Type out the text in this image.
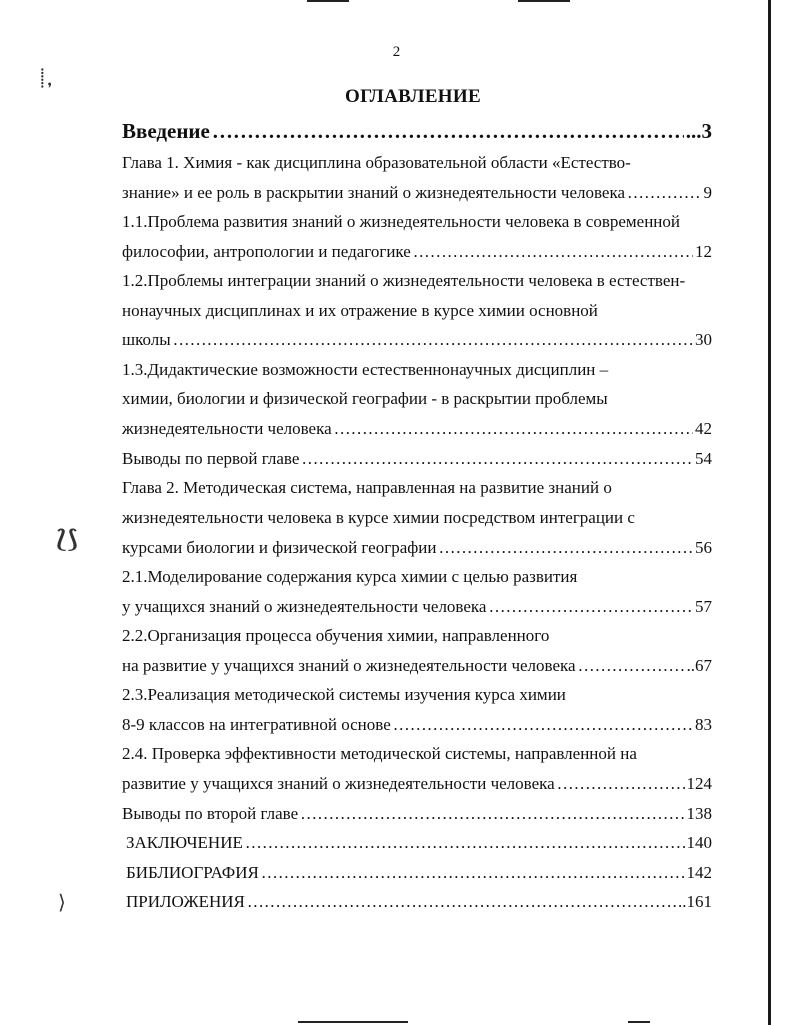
⸽
᾿
⟅⟆
⟩
2
ОГЛАВЛЕНИЕ
Введение ……………………………………………………………………………………………………………………………………………………………………	...3
Глава 1. Химия - как дисциплина образовательной области «Естество-
знание» и ее роль в раскрытии знаний о жизнедеятельности человека ……………………………………………………………………………………………………………………………………………………………………	9
1.1.Проблема развития знаний о жизнедеятельности человека в современной
философии, антропологии и педагогике ……………………………………………………………………………………………………………………………………………………………………	12
1.2.Проблемы интеграции знаний о жизнедеятельности человека в естествен-
нонаучных дисциплинах и их отражение в курсе химии основной
школы ……………………………………………………………………………………………………………………………………………………………………	30
1.3.Дидактические возможности естественнонаучных дисциплин –
химии, биологии и физической географии - в раскрытии проблемы
жизнедеятельности человека ……………………………………………………………………………………………………………………………………………………………………	42
Выводы по первой главе ……………………………………………………………………………………………………………………………………………………………………	54
Глава 2. Методическая система, направленная на развитие знаний о
жизнедеятельности человека в курсе химии посредством интеграции с
курсами биологии и физической географии ……………………………………………………………………………………………………………………………………………………………………	56
2.1.Моделирование содержания курса химии с целью развития
у учащихся знаний о жизнедеятельности человека ……………………………………………………………………………………………………………………………………………………………………	57
2.2.Организация процесса обучения химии, направленного
на развитие у учащихся знаний о жизнедеятельности человека ……………………………………………………………………………………………………………………………………………………………………	..67
2.3.Реализация методической системы изучения курса химии
8-9 классов на интегративной основе ……………………………………………………………………………………………………………………………………………………………………	83
2.4. Проверка эффективности методической системы, направленной на
развитие у учащихся знаний о жизнедеятельности человека ……………………………………………………………………………………………………………………………………………………………………	124
Выводы по второй главе ……………………………………………………………………………………………………………………………………………………………………	138
ЗАКЛЮЧЕНИЕ ……………………………………………………………………………………………………………………………………………………………………	140
БИБЛИОГРАФИЯ ……………………………………………………………………………………………………………………………………………………………………	142
ПРИЛОЖЕНИЯ ……………………………………………………………………………………………………………………………………………………………………	..161
